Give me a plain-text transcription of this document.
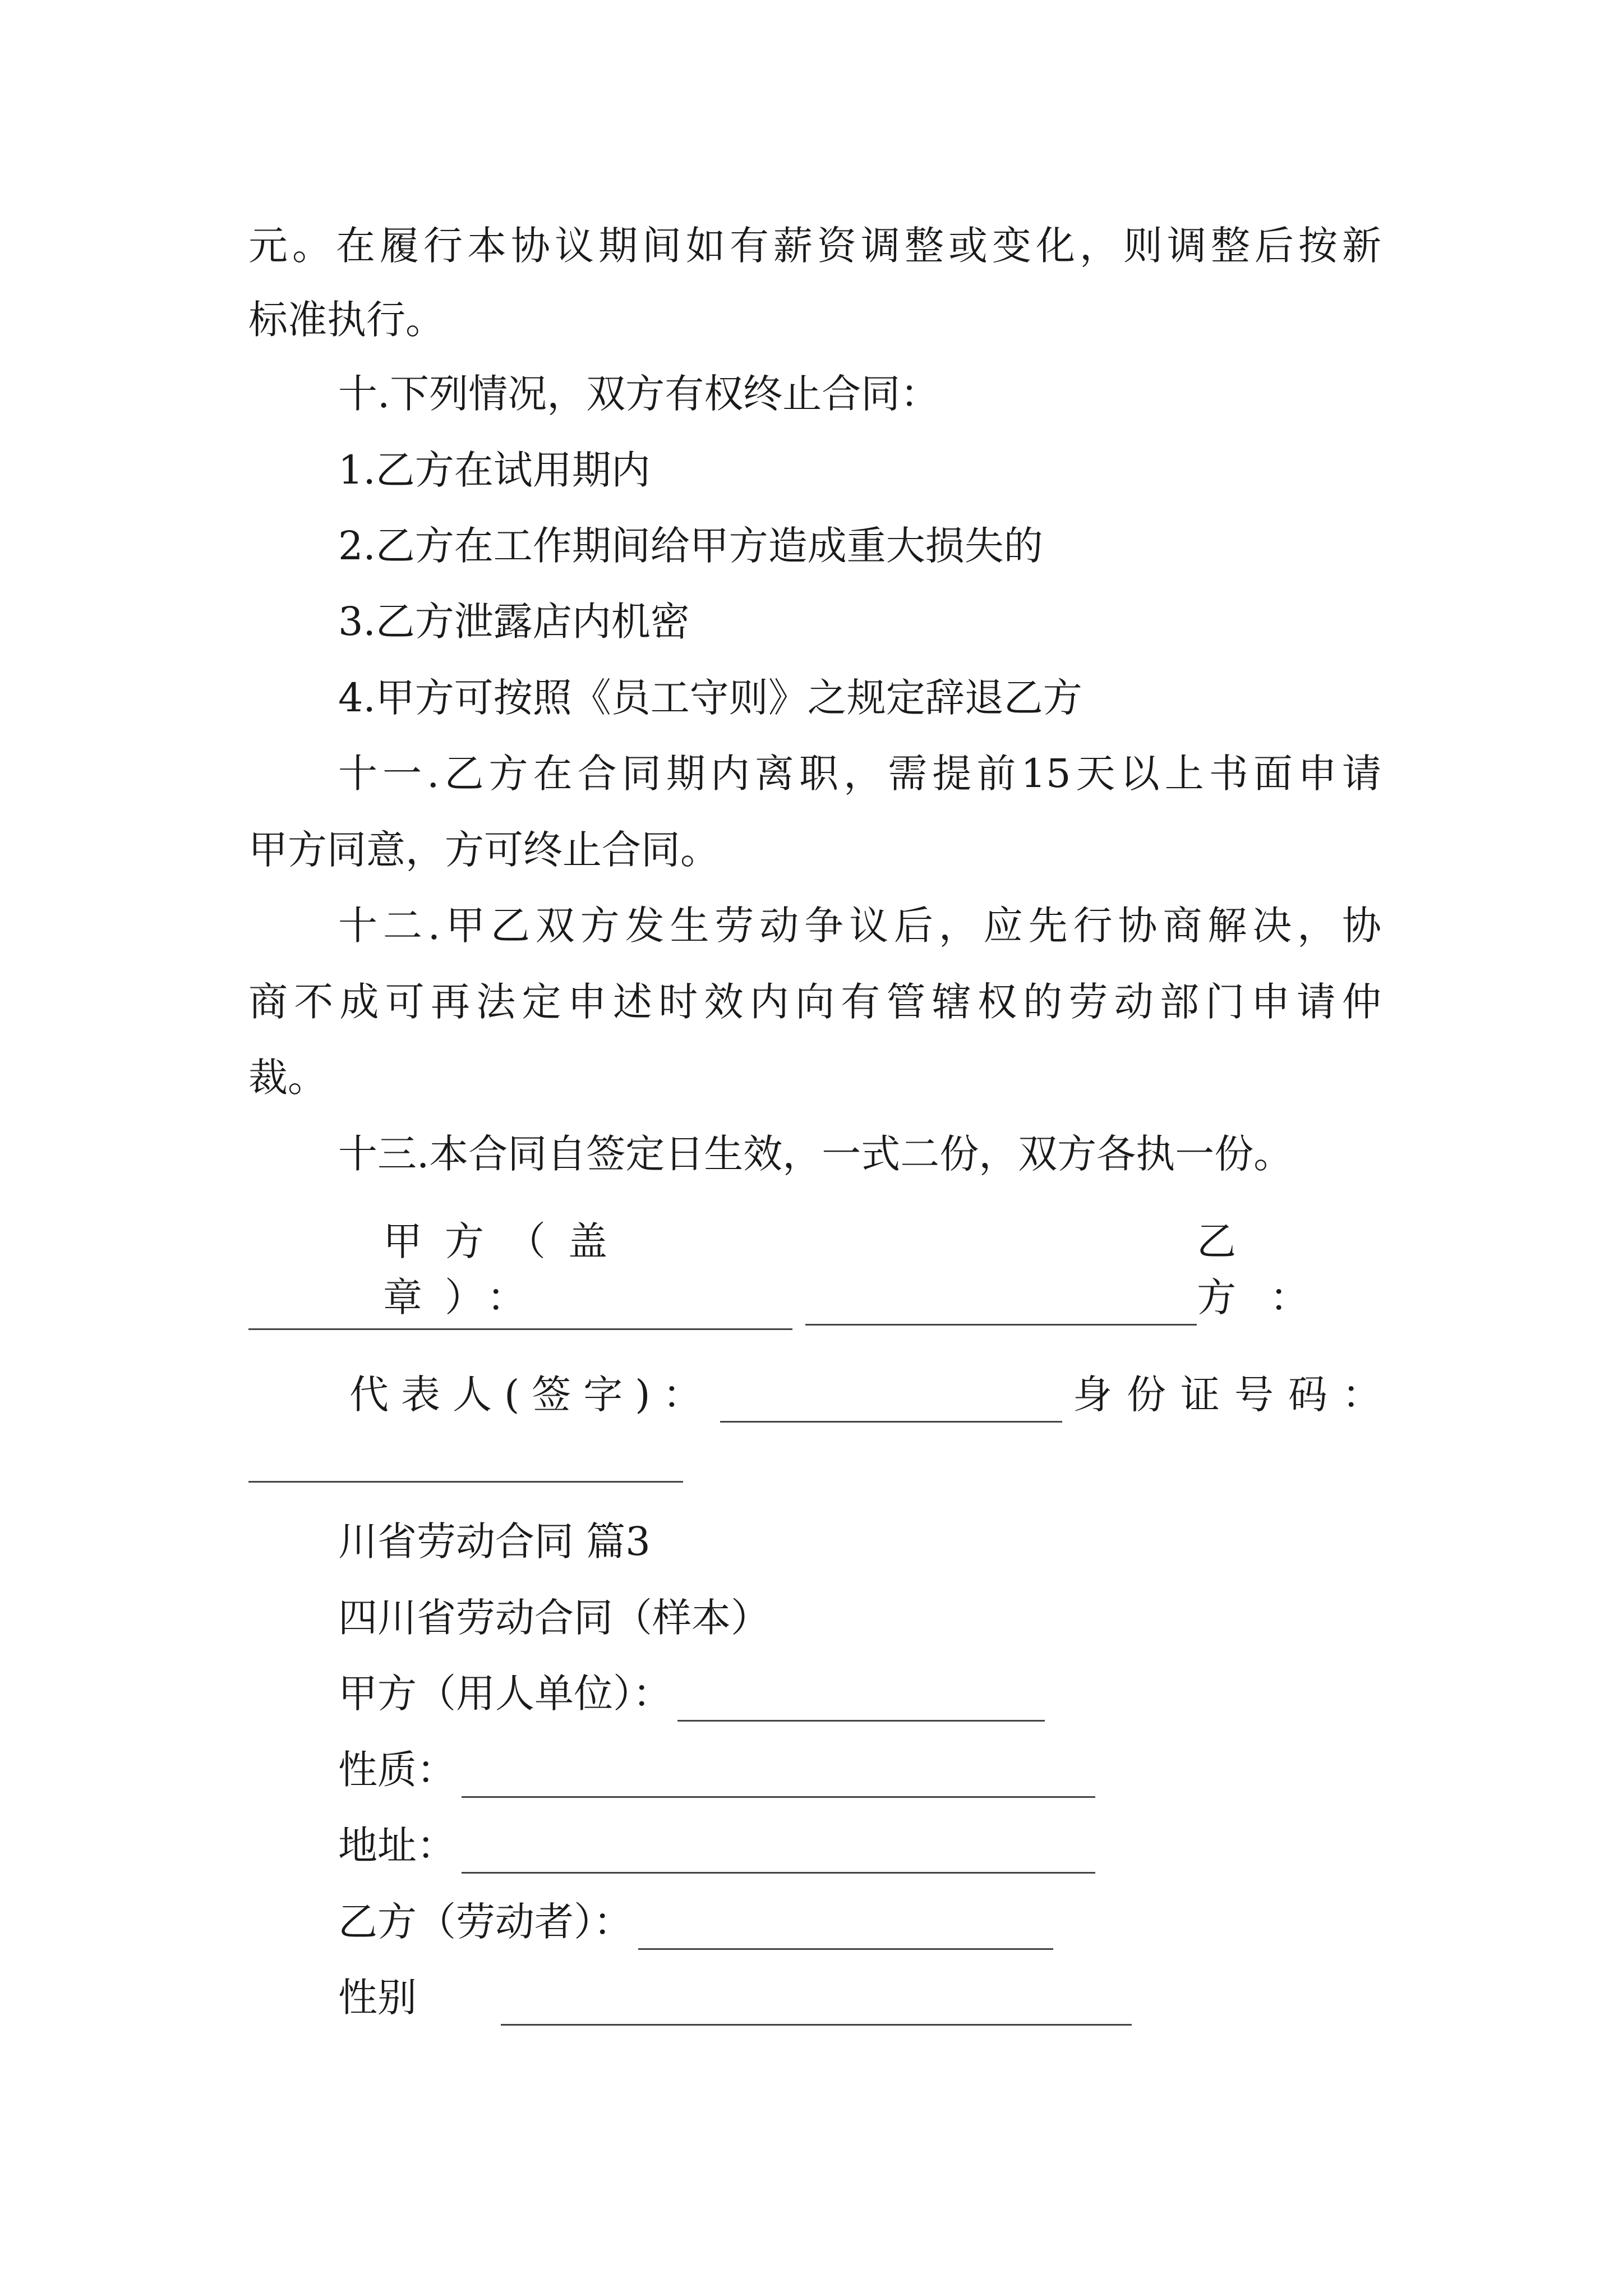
元。在履行本协议期间如有薪资调整或变化，则调整后按新

标准执行。

十.下列情况，双方有权终止合同：

1.乙方在试用期内

2.乙方在工作期间给甲方造成重大损失的

3.乙方泄露店内机密

4.甲方可按照《员工守则》之规定辞退乙方

十一.乙方在合同期内离职，需提前15天以上书面申请

甲方同意，方可终止合同。

十二.甲乙双方发生劳动争议后，应先行协商解决，协

商不成可再法定申述时效内向有管辖权的劳动部门申请仲

裁。

十三.本合同自签定日生效，一式二份，双方各执一份。

甲方（盖章）：
乙方：
代表人(签字)：	身份证号码：

川省劳动合同 篇3

四川省劳动合同（样本）

甲方（用人单位）：
性质：
地址：
乙方（劳动者）：
性别
